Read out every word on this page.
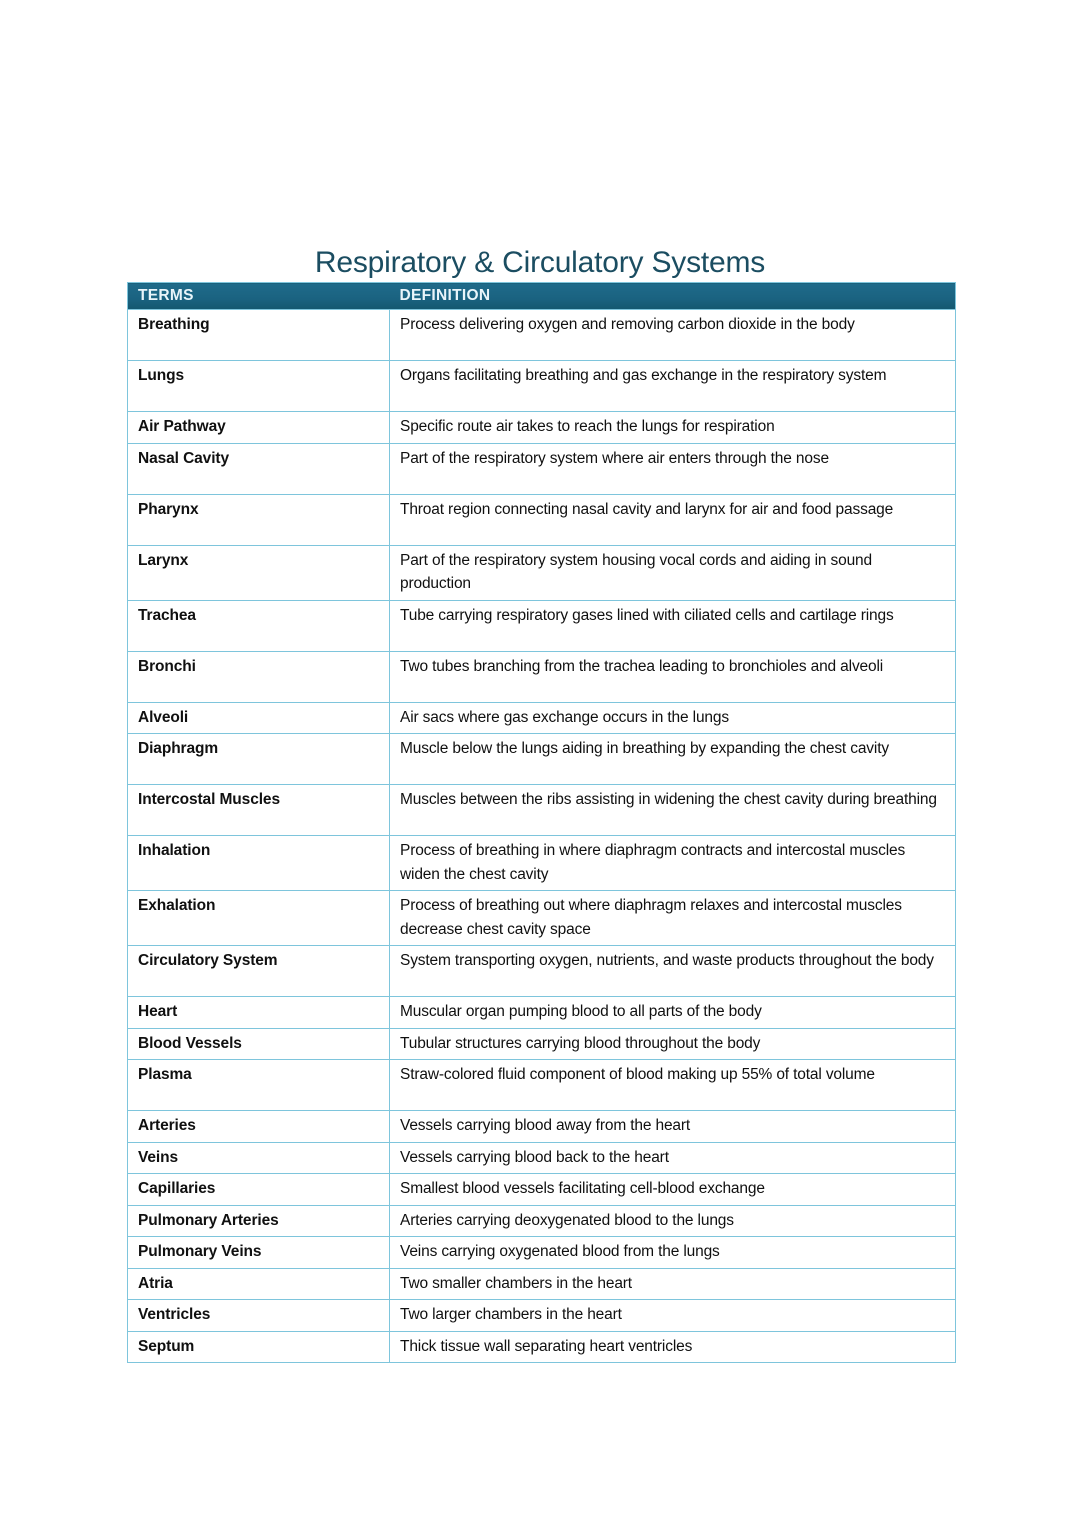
Respiratory & Circulatory Systems
TERMS	DEFINITION
Breathing	Process delivering oxygen and removing carbon dioxide in the body
Lungs	Organs facilitating breathing and gas exchange in the respiratory system
Air Pathway	Specific route air takes to reach the lungs for respiration
Nasal Cavity	Part of the respiratory system where air enters through the nose
Pharynx	Throat region connecting nasal cavity and larynx for air and food passage
Larynx	Part of the respiratory system housing vocal cords and aiding in sound production
Trachea	Tube carrying respiratory gases lined with ciliated cells and cartilage rings
Bronchi	Two tubes branching from the trachea leading to bronchioles and alveoli
Alveoli	Air sacs where gas exchange occurs in the lungs
Diaphragm	Muscle below the lungs aiding in breathing by expanding the chest cavity
Intercostal Muscles	Muscles between the ribs assisting in widening the chest cavity during breathing
Inhalation	Process of breathing in where diaphragm contracts and intercostal muscles widen the chest cavity
Exhalation	Process of breathing out where diaphragm relaxes and intercostal muscles decrease chest cavity space
Circulatory System	System transporting oxygen, nutrients, and waste products throughout the body
Heart	Muscular organ pumping blood to all parts of the body
Blood Vessels	Tubular structures carrying blood throughout the body
Plasma	Straw-colored fluid component of blood making up 55% of total volume
Arteries	Vessels carrying blood away from the heart
Veins	Vessels carrying blood back to the heart
Capillaries	Smallest blood vessels facilitating cell-blood exchange
Pulmonary Arteries	Arteries carrying deoxygenated blood to the lungs
Pulmonary Veins	Veins carrying oxygenated blood from the lungs
Atria	Two smaller chambers in the heart
Ventricles	Two larger chambers in the heart
Septum	Thick tissue wall separating heart ventricles
